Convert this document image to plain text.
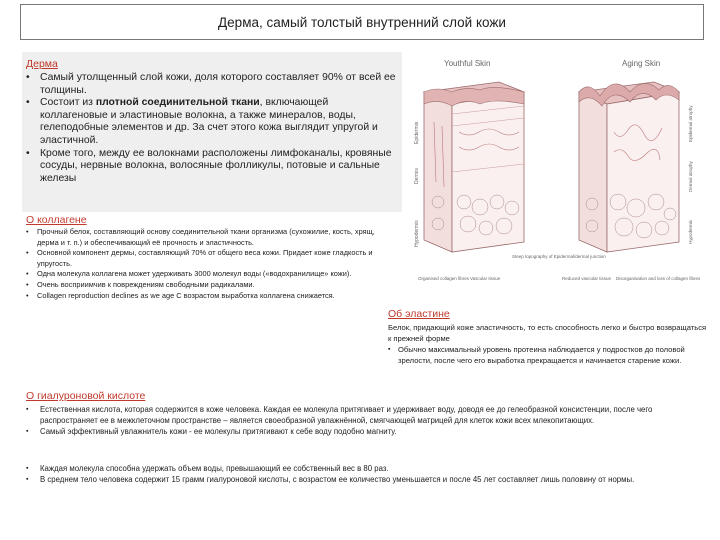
Дерма, самый толстый внутренний слой кожи
Дерма
• Самый утолщенный слой кожи, доля которого составляет 90% от всей ее толщины.
• Состоит из плотной соединительной ткани, включающей коллагеновые и эластиновые волокна, а также минералов, воды, гелеподобные элементов и др. За счет этого кожа выглядит упругой и эластичной.
• Кроме того, между ее волокнами расположены лимфоканалы, кровяные сосуды, нервные волокна, волосяные фолликулы, потовые и сальные железы
О коллагене
• Прочный белок, составляющий основу соединительной ткани организма (сухожилие, кость, хрящ, дерма и т. п.) и обеспечивающий её прочность и эластичность.
• Основной компонент дермы, составляющий 70% от общего веса кожи. Придает коже гладкость и упругость.
• Одна молекула коллагена может удерживать 3000 молекул воды («водохранилище» кожи).
• Очень восприимчив к повреждениям свободными радикалами.
• Collagen reproduction declines as we age С возрастом выработка коллагена снижается.
Об эластине
Белок, придающий коже эластичность, то есть способность легко и быстро возвращаться к прежней форме
▪ Обычно максимальный уровень протеина наблюдается у подростков до половой зрелости, после чего его выработка прекращается и начинается старение кожи.
О гиалуроновой кислоте
▪ Естественная кислота, которая содержится в коже человека. Каждая ее молекула притягивает и удерживает воду, доводя ее до гелеобразной консистенции, после чего распространяет ее в межклеточном пространстве – является своеобразной увлажнённой, смягчающей матрицей для клеток кожи всех млекопитающих.
▪ Самый эффективный увлажнитель кожи - ее молекулы притягивают к себе воду подобно магниту.
▪ Каждая молекула способна удержать объем воды, превышающий ее собственный вес в 80 раз.
▪ В среднем тело человека содержит 15 грамм гиалуроновой кислоты, с возрастом ее количество уменьшается и после 45 лет составляет лишь половину от нормы.
Youthful Skin	Aging Skin
Epidermis
Dermis
Hypodermis
Epidermal atrophy
Dermal atrophy
Hypodermis
Steep topography of Epidermal/dermal junction
Organised collagen fibres Vascular tissue	Reduced vascular tissue Disorganisation and loss of collagen fibres
